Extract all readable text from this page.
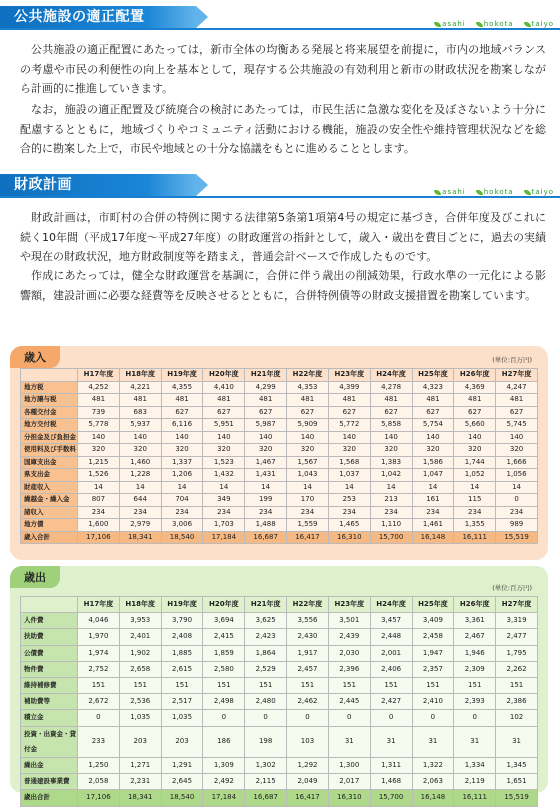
公共施設の適正配置	asahi	hokota	taiyo
公共施設の適正配置にあたっては，新市全体の均衡ある発展と将来展望を前提に，市内の地域バランスの考慮や市民の利便性の向上を基本として，現存する公共施設の有効利用と新市の財政状況を勘案しながら計画的に推進していきます。
なお，施設の適正配置及び統廃合の検討にあたっては，市民生活に急激な変化を及ぼさないよう十分に配慮するとともに，地域づくりやコミュニティ活動における機能，施設の安全性や維持管理状況などを総合的に勘案した上で，市民や地域との十分な協議をもとに進めることとします。
財政計画	asahi	hokota	taiyo
財政計画は，市町村の合併の特例に関する法律第5条第1項第4号の規定に基づき，合併年度及びこれに続く10年間（平成17年度〜平成27年度）の財政運営の指針として，歳入・歳出を費目ごとに，過去の実績や現在の財政状況，地方財政制度等を踏まえ，普通会計ベースで作成したものです。
作成にあたっては，健全な財政運営を基調に，合併に伴う歳出の削減効果，行政水準の一元化による影響額，建設計画に必要な経費等を反映させるとともに，合併特例債等の財政支援措置を勘案しています。
歳入	(単位:百万円)
	H17年度	H18年度	H19年度	H20年度	H21年度	H22年度	H23年度	H24年度	H25年度	H26年度	H27年度
地方税	4,252	4,221	4,355	4,410	4,299	4,353	4,399	4,278	4,323	4,369	4,247
地方譲与税	481	481	481	481	481	481	481	481	481	481	481
各種交付金	739	683	627	627	627	627	627	627	627	627	627
地方交付税	5,778	5,937	6,116	5,951	5,987	5,909	5,772	5,858	5,754	5,660	5,745
分担金及び負担金	140	140	140	140	140	140	140	140	140	140	140
使用料及び手数料	320	320	320	320	320	320	320	320	320	320	320
国庫支出金	1,215	1,460	1,337	1,523	1,467	1,567	1,568	1,383	1,586	1,744	1,666
県支出金	1,526	1,228	1,206	1,432	1,431	1,043	1,037	1,042	1,047	1,052	1,056
財産収入	14	14	14	14	14	14	14	14	14	14	14
繰越金・繰入金	807	644	704	349	199	170	253	213	161	115	0
諸収入	234	234	234	234	234	234	234	234	234	234	234
地方債	1,600	2,979	3,006	1,703	1,488	1,559	1,465	1,110	1,461	1,355	989
歳入合計	17,106	18,341	18,540	17,184	16,687	16,417	16,310	15,700	16,148	16,111	15,519
歳出
(単位:百万円)
	H17年度	H18年度	H19年度	H20年度	H21年度	H22年度	H23年度	H24年度	H25年度	H26年度	H27年度
人件費	4,046	3,953	3,790	3,694	3,625	3,556	3,501	3,457	3,409	3,361	3,319
扶助費	1,970	2,401	2,408	2,415	2,423	2,430	2,439	2,448	2,458	2,467	2,477
公債費	1,974	1,902	1,885	1,859	1,864	1,917	2,030	2,001	1,947	1,946	1,795
物件費	2,752	2,658	2,615	2,580	2,529	2,457	2,396	2,406	2,357	2,309	2,262
維持補修費	151	151	151	151	151	151	151	151	151	151	151
補助費等	2,672	2,536	2,517	2,498	2,480	2,462	2,445	2,427	2,410	2,393	2,386
積立金	0	1,035	1,035	0	0	0	0	0	0	0	102
投資・出資金・貸付金	233	203	203	186	198	103	31	31	31	31	31
繰出金	1,250	1,271	1,291	1,309	1,302	1,292	1,300	1,311	1,322	1,334	1,345
普通建設事業費	2,058	2,231	2,645	2,492	2,115	2,049	2,017	1,468	2,063	2,119	1,651
歳出合計	17,106	18,341	18,540	17,184	16,687	16,417	16,310	15,700	16,148	16,111	15,519
